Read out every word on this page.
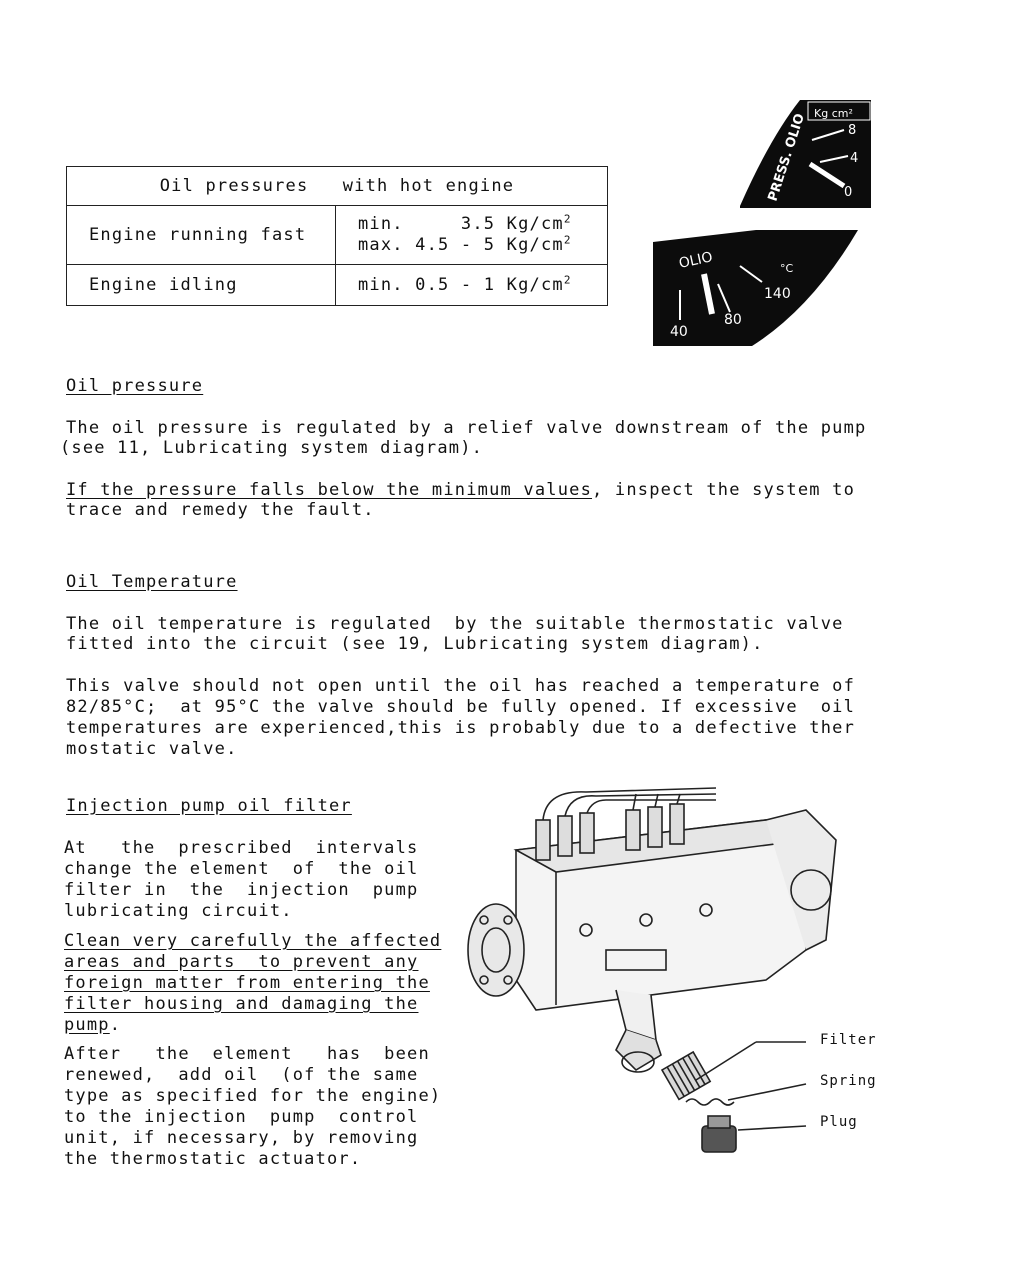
Oil pressures   with hot engine	
Engine running fast	min.     3.5 $Kg/cm^2$
max. 4.5 - 5 $Kg/cm^2$

Engine idling	min. 0.5 - 1 $Kg/cm^2$
Kg cm²
8
4
0
PRESS. OLIO
OLIO	°C
40
80
140
Oil pressure
The oil pressure is regulated by a relief valve downstream of the pump
(see 11, Lubricating system diagram).
If the pressure falls below the minimum values, inspect the system to
trace and remedy the fault.
Oil Temperature
The oil temperature is regulated  by the suitable thermostatic valve
fitted into the circuit (see 19, Lubricating system diagram).
This valve should not open until the oil has reached a temperature of
82/85°C;  at 95°C the valve should be fully opened. If excessive  oil
temperatures are experienced,this is probably due to a defective ther
mostatic valve.
Injection pump oil filter
At   the  prescribed  intervals
change the element  of  the oil
filter in  the  injection  pump
lubricating circuit.
Clean very carefully the affected
areas and parts  to prevent any
foreign matter from entering the
filter housing and damaging the
pump.
After   the  element   has  been
renewed,  add oil  (of the same
type as specified for the engine)
to the injection  pump  control
unit, if necessary, by removing
the thermostatic actuator.
Filter
Spring
Plug
